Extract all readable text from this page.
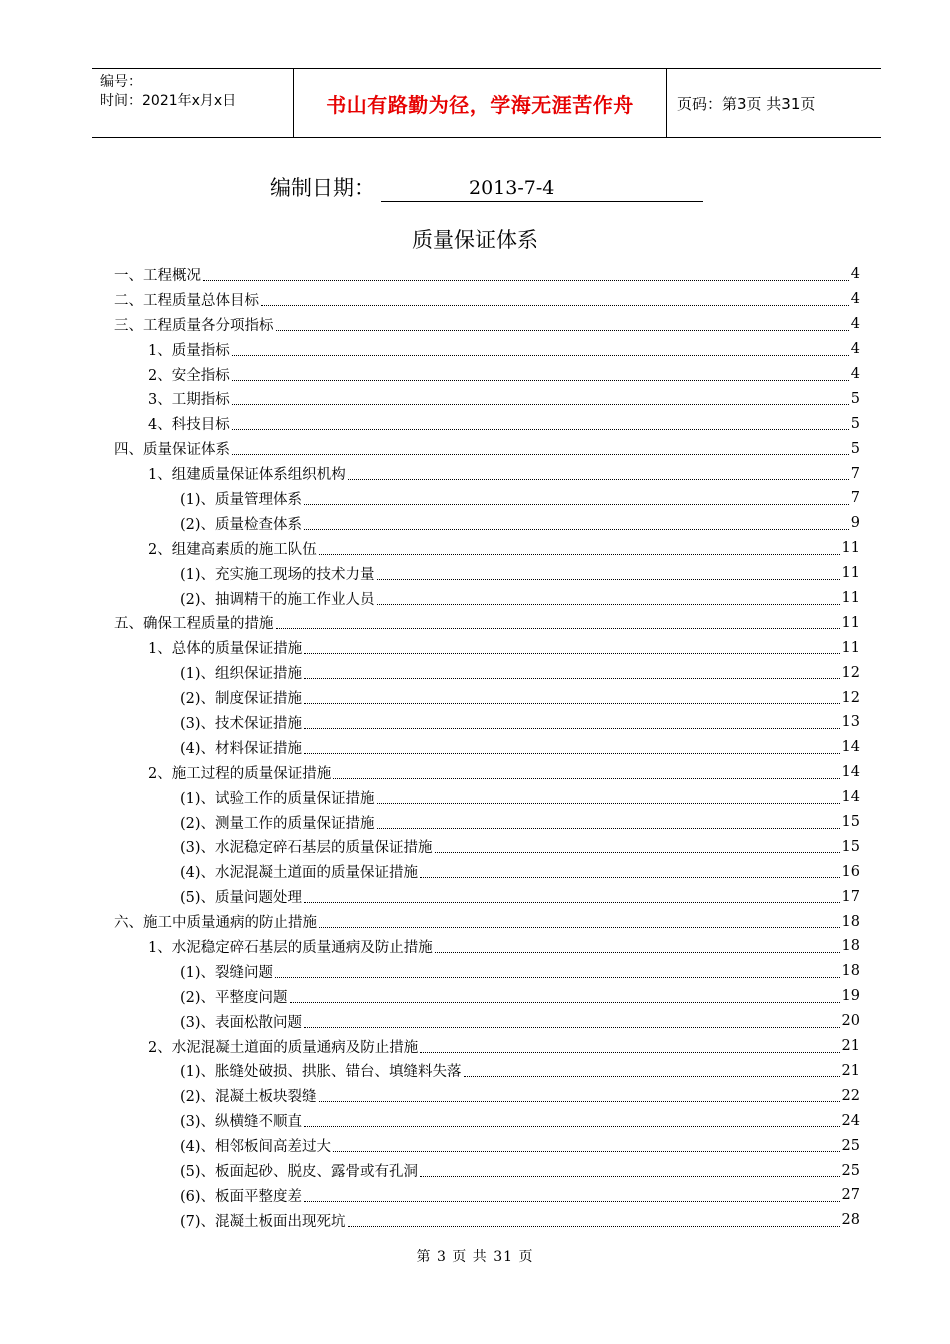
编号：
时间：2021年x月x日	书山有路勤为径，学海无涯苦作舟	页码：第3页 共31页
编制日期：	2013-7-4
质量保证体系
一、工程概况	4
二、工程质量总体目标	4
三、工程质量各分项指标	4
1、质量指标	4
2、安全指标	4
3、工期指标	5
4、科技目标	5
四、质量保证体系	5
1、组建质量保证体系组织机构	7
(1)、质量管理体系	7
(2)、质量检查体系	9
2、组建高素质的施工队伍	11
(1)、充实施工现场的技术力量	11
(2)、抽调精干的施工作业人员	11
五、确保工程质量的措施	11
1、总体的质量保证措施	11
(1)、组织保证措施	12
(2)、制度保证措施	12
(3)、技术保证措施	13
(4)、材料保证措施	14
2、施工过程的质量保证措施	14
(1)、试验工作的质量保证措施	14
(2)、测量工作的质量保证措施	15
(3)、水泥稳定碎石基层的质量保证措施	15
(4)、水泥混凝土道面的质量保证措施	16
(5)、质量问题处理	17
六、施工中质量通病的防止措施	18
1、水泥稳定碎石基层的质量通病及防止措施	18
(1)、裂缝问题	18
(2)、平整度问题	19
(3)、表面松散问题	20
2、水泥混凝土道面的质量通病及防止措施	21
(1)、胀缝处破损、拱胀、错台、填缝料失落	21
(2)、混凝土板块裂缝	22
(3)、纵横缝不顺直	24
(4)、相邻板间高差过大	25
(5)、板面起砂、脱皮、露骨或有孔洞	25
(6)、板面平整度差	27
(7)、混凝土板面出现死坑	28
第 3 页 共 31 页
